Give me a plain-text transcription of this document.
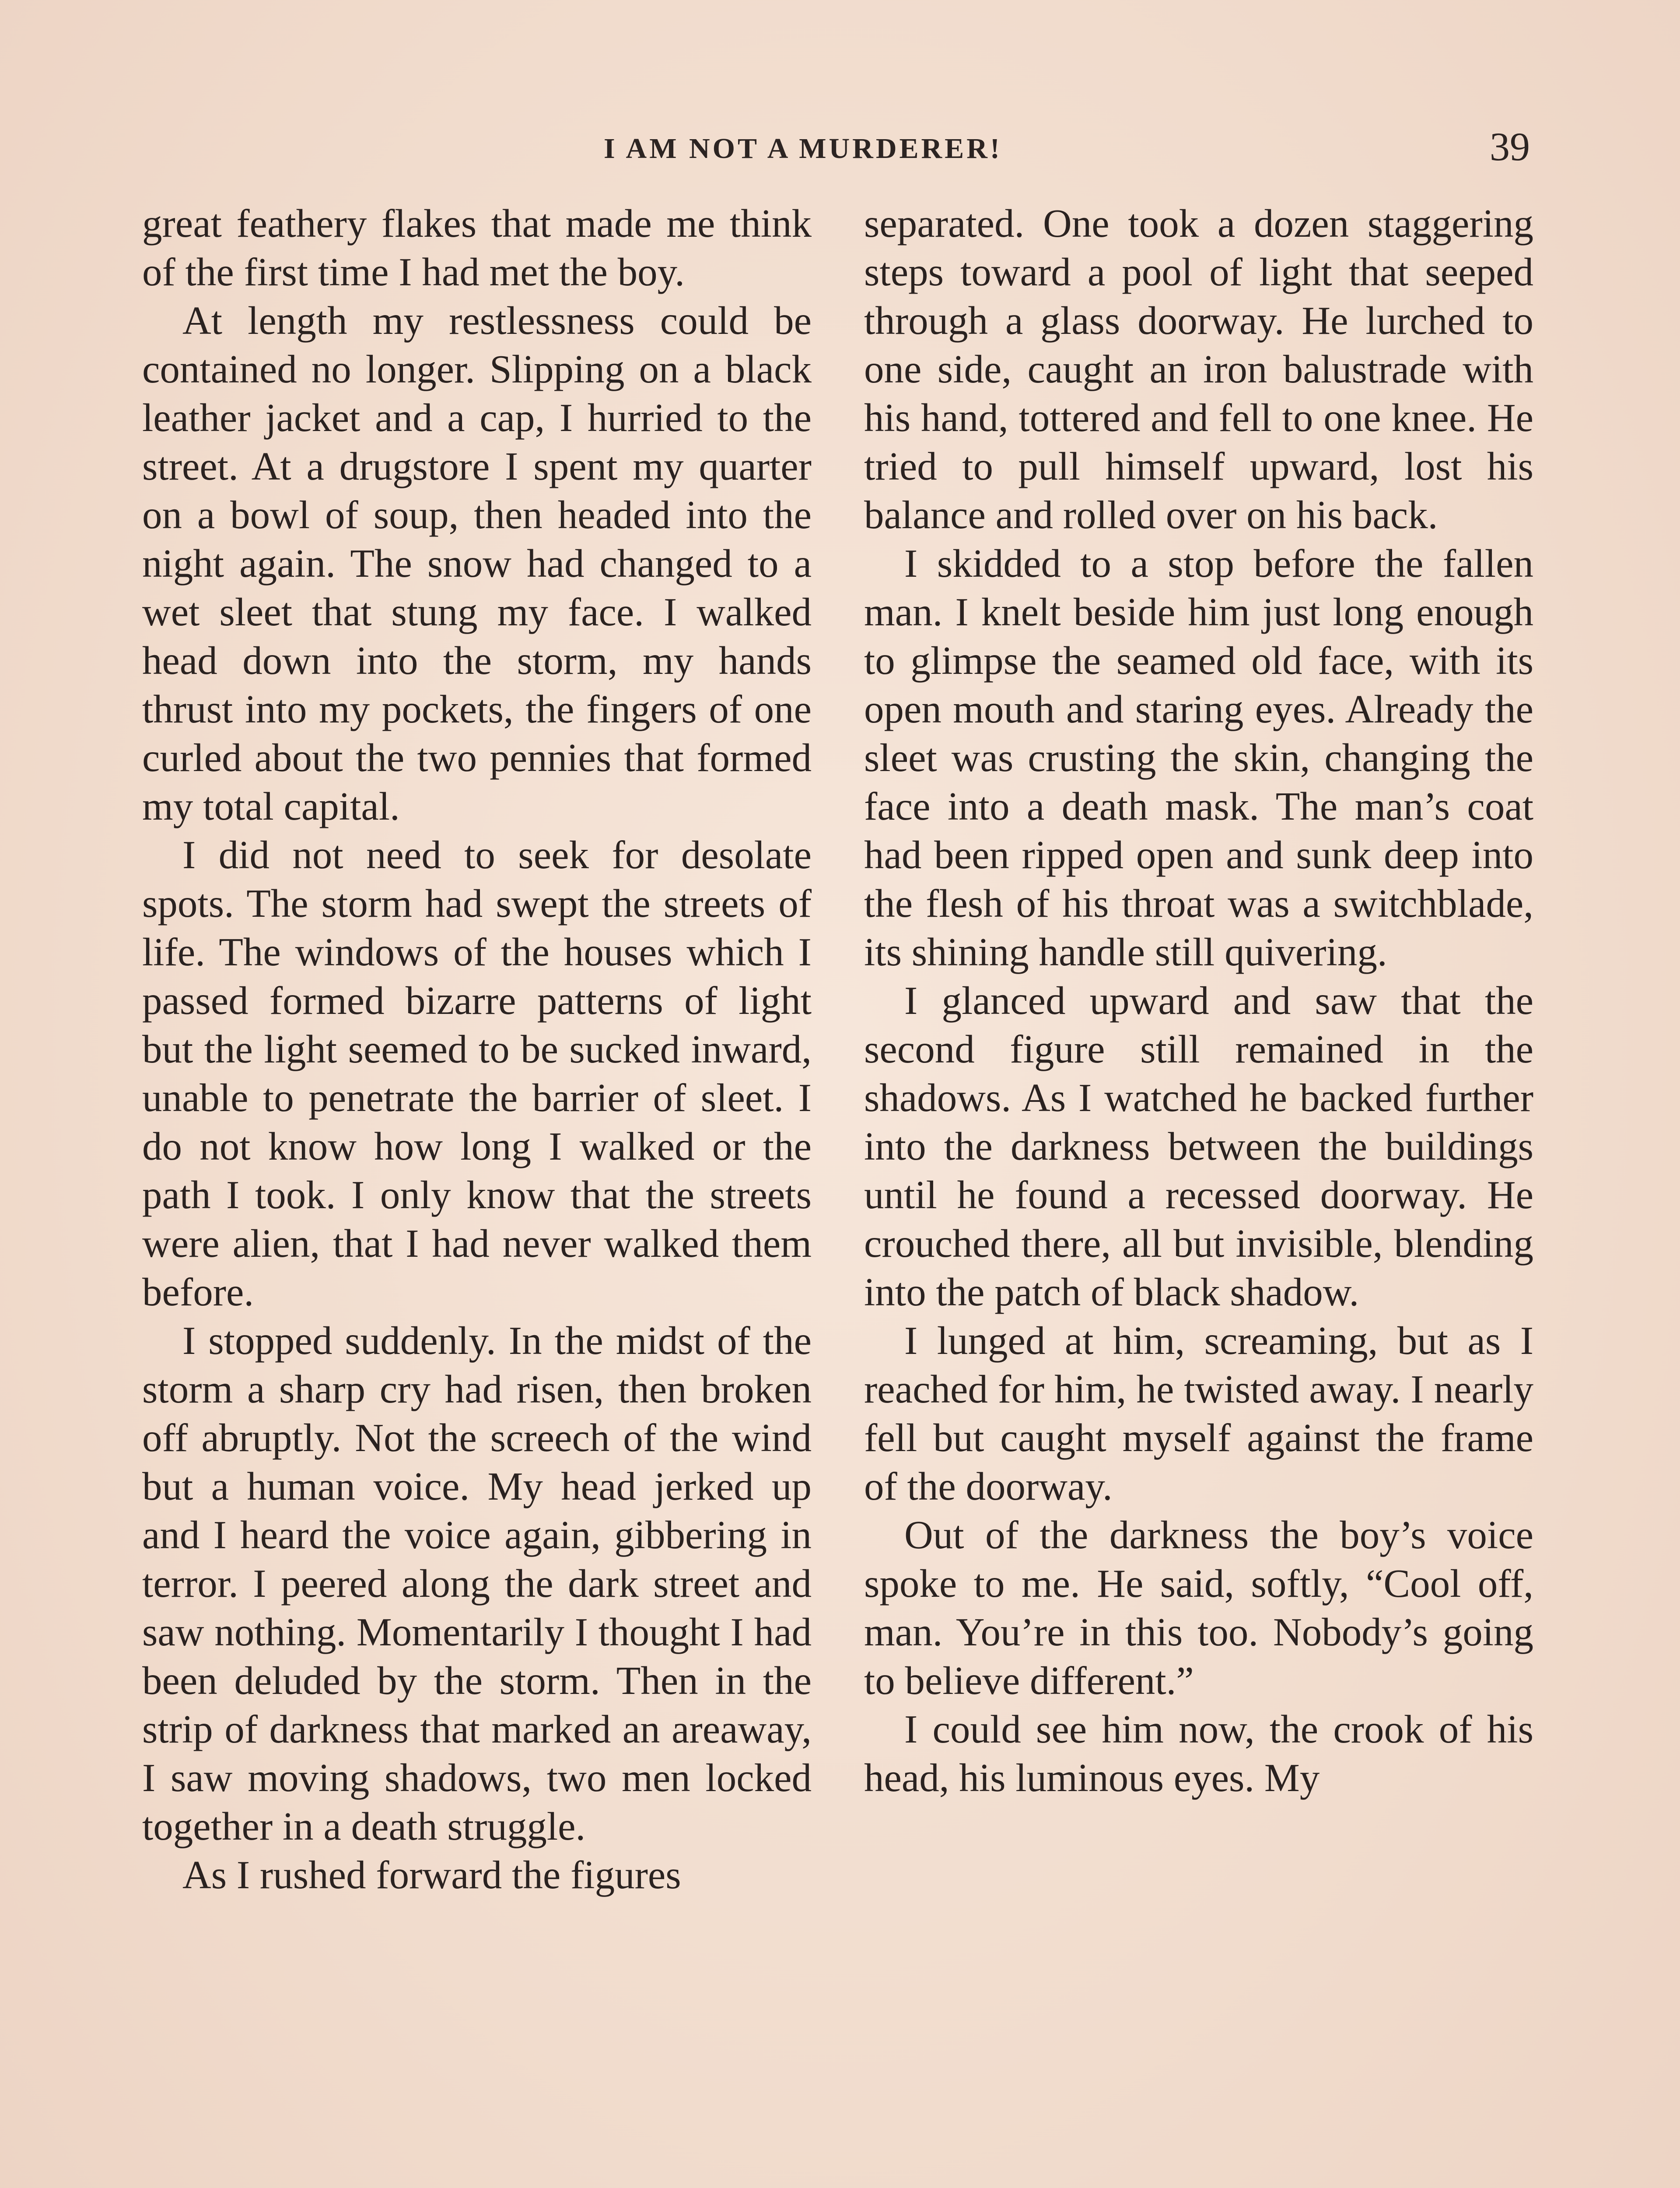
I AM NOT A MURDERER!	39

great feathery flakes that made me think of the first time I had met the boy.

At length my restlessness could be contained no longer. Slipping on a black leather jacket and a cap, I hurried to the street. At a drugstore I spent my quarter on a bowl of soup, then headed into the night again. The snow had changed to a wet sleet that stung my face. I walked head down into the storm, my hands thrust into my pockets, the fingers of one curled about the two pennies that formed my total capital.

I did not need to seek for desolate spots. The storm had swept the streets of life. The windows of the houses which I passed formed bizarre patterns of light but the light seemed to be sucked inward, unable to penetrate the barrier of sleet. I do not know how long I walked or the path I took. I only know that the streets were alien, that I had never walked them before.

I stopped suddenly. In the midst of the storm a sharp cry had risen, then broken off abruptly. Not the screech of the wind but a human voice. My head jerked up and I heard the voice again, gibbering in terror. I peered along the dark street and saw nothing. Momentarily I thought I had been deluded by the storm. Then in the strip of darkness that marked an areaway, I saw moving shadows, two men locked together in a death struggle.

As I rushed forward the figures

separated. One took a dozen staggering steps toward a pool of light that seeped through a glass doorway. He lurched to one side, caught an iron balustrade with his hand, tottered and fell to one knee. He tried to pull himself upward, lost his balance and rolled over on his back.

I skidded to a stop before the fallen man. I knelt beside him just long enough to glimpse the seamed old face, with its open mouth and staring eyes. Already the sleet was crusting the skin, changing the face into a death mask. The man’s coat had been ripped open and sunk deep into the flesh of his throat was a switchblade, its shining handle still quivering.

I glanced upward and saw that the second figure still remained in the shadows. As I watched he backed further into the darkness between the buildings until he found a recessed doorway. He crouched there, all but invisible, blending into the patch of black shadow.

I lunged at him, screaming, but as I reached for him, he twisted away. I nearly fell but caught myself against the frame of the doorway.

Out of the darkness the boy’s voice spoke to me. He said, softly, “Cool off, man. You’re in this too. Nobody’s going to believe different.”

I could see him now, the crook of his head, his luminous eyes. My
